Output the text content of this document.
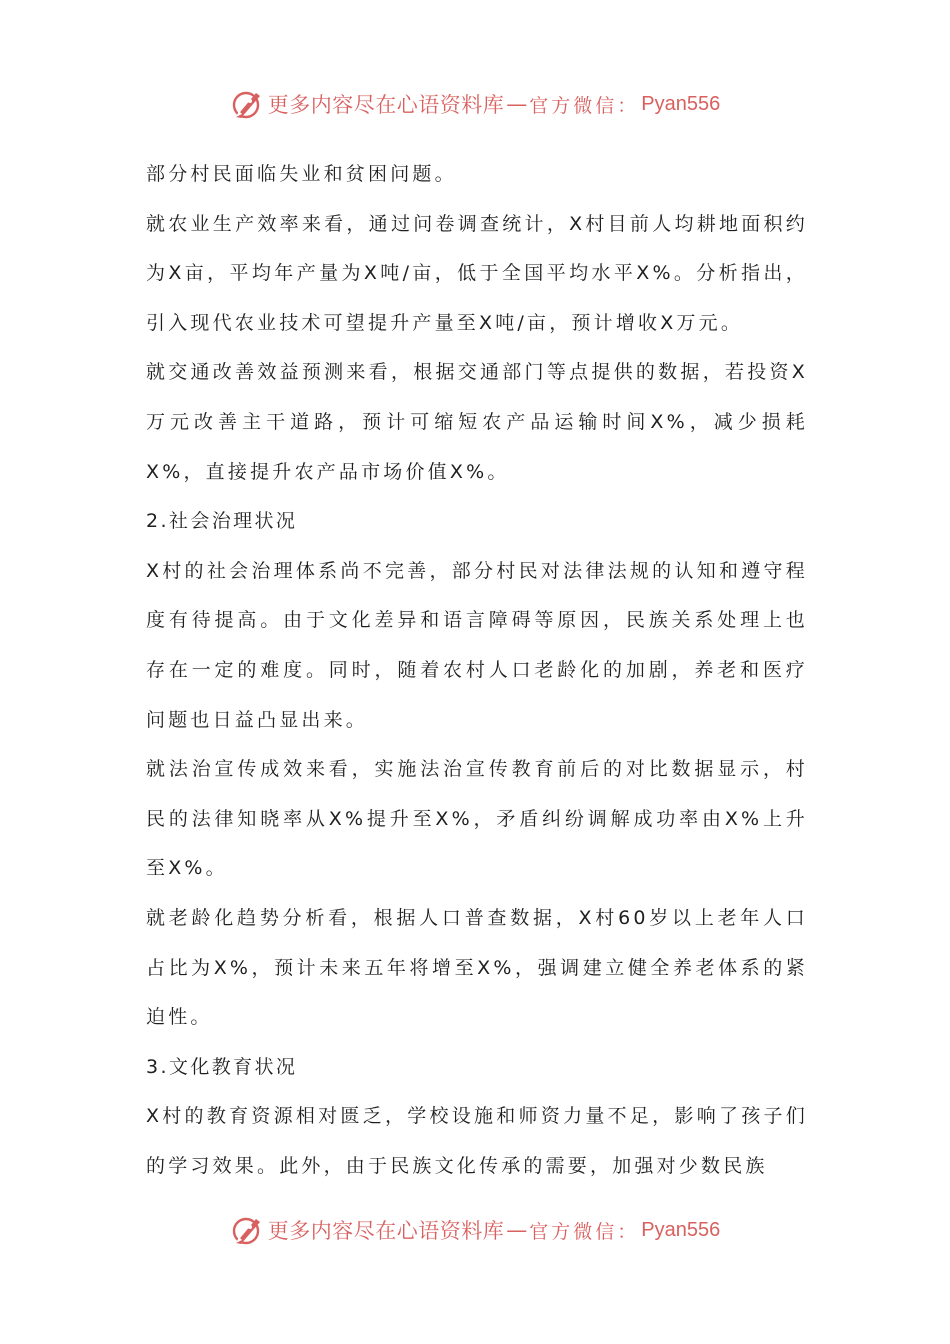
更多内容尽在心语资料库 — 官方微信： Pyan556

部分村民面临失业和贫困问题。

就农业生产效率来看，通过问卷调查统计，X村目前人均耕地面积约为X亩，平均年产量为X吨/亩，低于全国平均水平X%。分析指出，引入现代农业技术可望提升产量至X吨/亩，预计增收X万元。

就交通改善效益预测来看，根据交通部门等点提供的数据，若投资X万元改善主干道路，预计可缩短农产品运输时间X%，减少损耗X%，直接提升农产品市场价值X%。

2.社会治理状况

X村的社会治理体系尚不完善，部分村民对法律法规的认知和遵守程度有待提高。由于文化差异和语言障碍等原因，民族关系处理上也存在一定的难度。同时，随着农村人口老龄化的加剧，养老和医疗问题也日益凸显出来。

就法治宣传成效来看，实施法治宣传教育前后的对比数据显示，村民的法律知晓率从X%提升至X%，矛盾纠纷调解成功率由X%上升至X%。

就老龄化趋势分析看，根据人口普查数据，X村60岁以上老年人口占比为X%，预计未来五年将增至X%，强调建立健全养老体系的紧迫性。

3.文化教育状况

X村的教育资源相对匮乏，学校设施和师资力量不足，影响了孩子们的学习效果。此外，由于民族文化传承的需要，加强对少数民族

更多内容尽在心语资料库 — 官方微信： Pyan556
